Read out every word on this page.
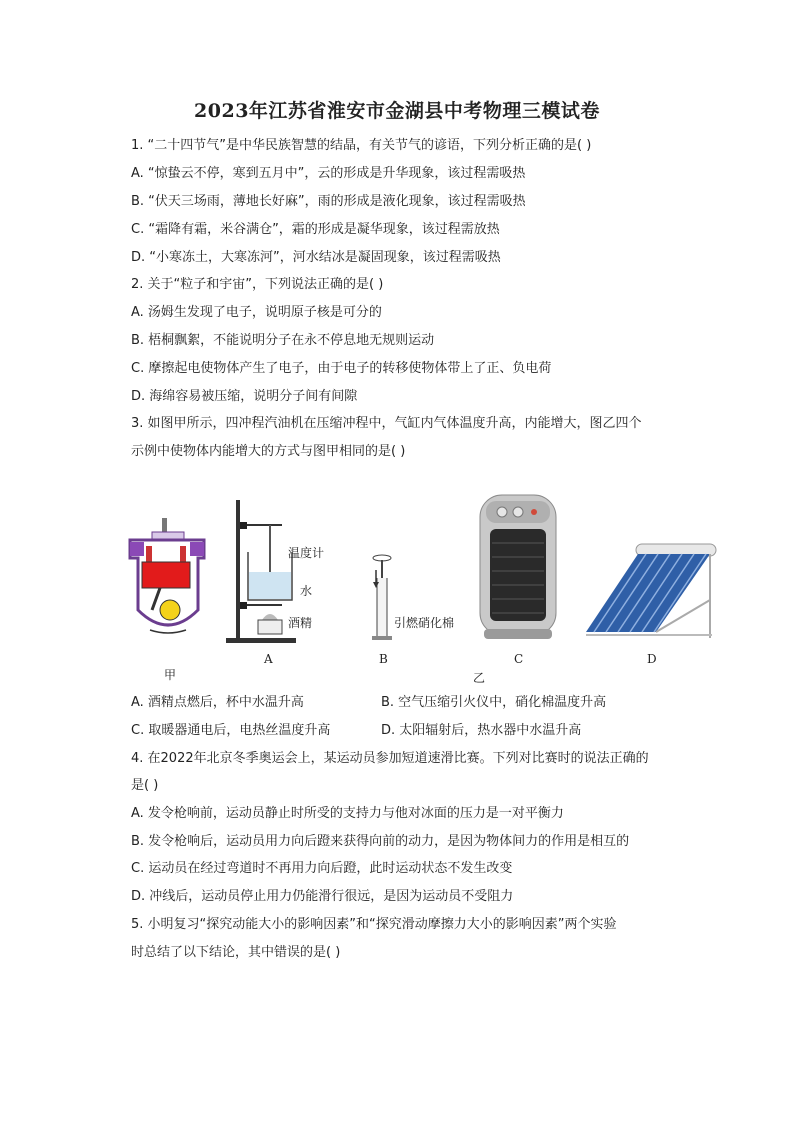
2023年江苏省淮安市金湖县中考物理三模试卷
1. “二十四节气”是中华民族智慧的结晶，有关节气的谚语，下列分析正确的是( )
A. “惊蛰云不停，寒到五月中”，云的形成是升华现象，该过程需吸热
B. “伏天三场雨，薄地长好麻”，雨的形成是液化现象，该过程需吸热
C. “霜降有霜，米谷满仓”，霜的形成是凝华现象，该过程需放热
D. “小寒冻土，大寒冻河”，河水结冰是凝固现象，该过程需吸热
2. 关于“粒子和宇宙”，下列说法正确的是( )
A. 汤姆生发现了电子，说明原子核是可分的
B. 梧桐飘絮，不能说明分子在永不停息地无规则运动
C. 摩擦起电使物体产生了电子，由于电子的转移使物体带上了正、负电荷
D. 海绵容易被压缩，说明分子间有间隙
3. 如图甲所示，四冲程汽油机在压缩冲程中，气缸内气体温度升高，内能增大，图乙四个
示例中使物体内能增大的方式与图甲相同的是( )
甲
温度计
水
酒精
A
引燃硝化棉
B	C
乙
D
A. 酒精点燃后，杯中水温升高	B. 空气压缩引火仪中，硝化棉温度升高
C. 取暖器通电后，电热丝温度升高	D. 太阳辐射后，热水器中水温升高
4. 在2022年北京冬季奥运会上，某运动员参加短道速滑比赛。下列对比赛时的说法正确的
是( )
A. 发令枪响前，运动员静止时所受的支持力与他对冰面的压力是一对平衡力
B. 发令枪响后，运动员用力向后蹬来获得向前的动力，是因为物体间力的作用是相互的
C. 运动员在经过弯道时不再用力向后蹬，此时运动状态不发生改变
D. 冲线后，运动员停止用力仍能滑行很远，是因为运动员不受阻力
5. 小明复习“探究动能大小的影响因素”和“探究滑动摩擦力大小的影响因素”两个实验
时总结了以下结论，其中错误的是( )
